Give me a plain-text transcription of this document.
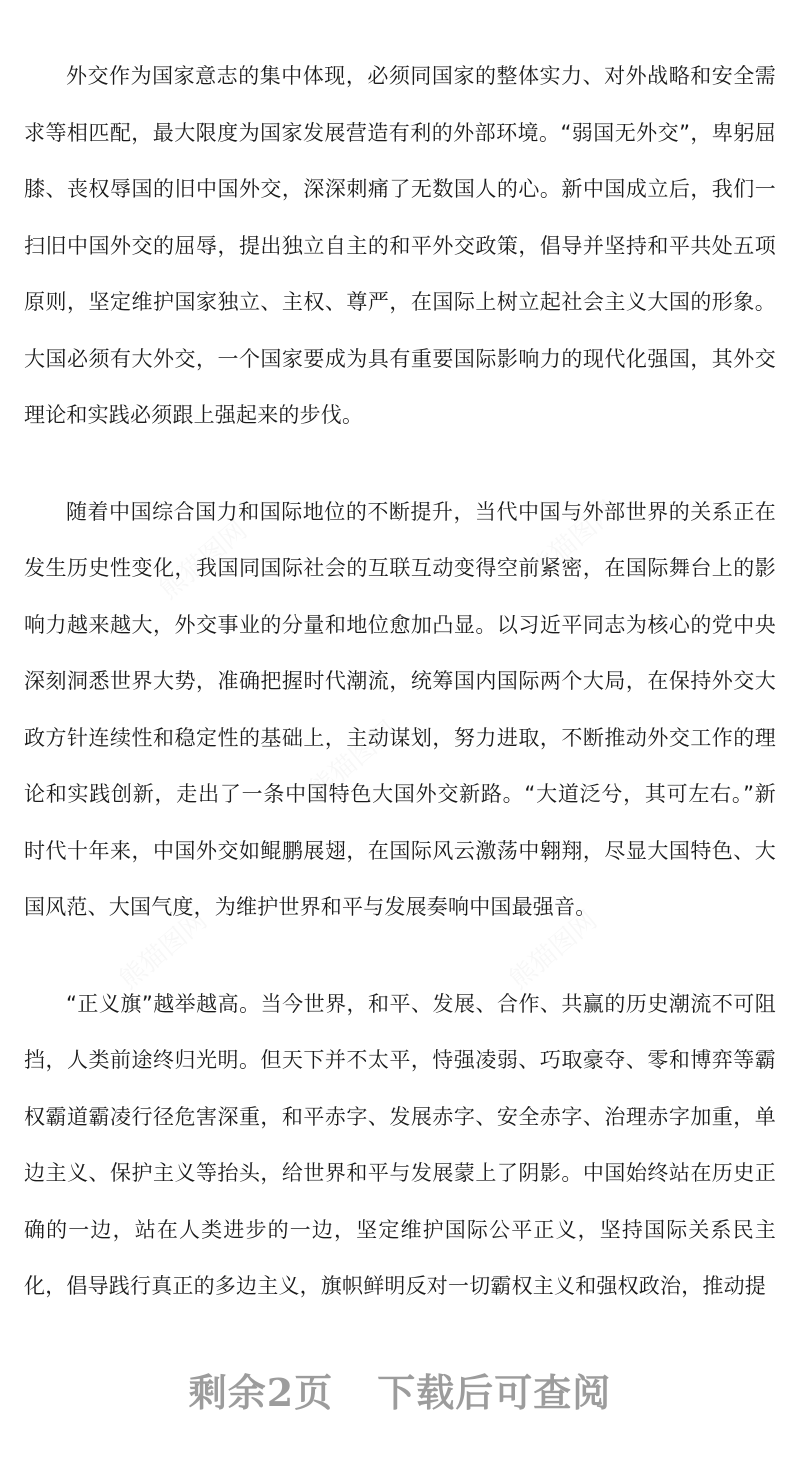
熊猫图网	熊猫图网
熊猫图网
熊猫图网	熊猫图网

外交作为国家意志的集中体现，必须同国家的整体实力、对外战略和安全需求等相匹配，最大限度为国家发展营造有利的外部环境。“弱国无外交”，卑躬屈膝、丧权辱国的旧中国外交，深深刺痛了无数国人的心。新中国成立后，我们一扫旧中国外交的屈辱，提出独立自主的和平外交政策，倡导并坚持和平共处五项原则，坚定维护国家独立、主权、尊严，在国际上树立起社会主义大国的形象。大国必须有大外交，一个国家要成为具有重要国际影响力的现代化强国，其外交理论和实践必须跟上强起来的步伐。

随着中国综合国力和国际地位的不断提升，当代中国与外部世界的关系正在发生历史性变化，我国同国际社会的互联互动变得空前紧密，在国际舞台上的影响力越来越大，外交事业的分量和地位愈加凸显。以习近平同志为核心的党中央深刻洞悉世界大势，准确把握时代潮流，统筹国内国际两个大局，在保持外交大政方针连续性和稳定性的基础上，主动谋划，努力进取，不断推动外交工作的理论和实践创新，走出了一条中国特色大国外交新路。“大道泛兮，其可左右。”新时代十年来，中国外交如鲲鹏展翅，在国际风云激荡中翱翔，尽显大国特色、大国风范、大国气度，为维护世界和平与发展奏响中国最强音。

“正义旗”越举越高。当今世界，和平、发展、合作、共赢的历史潮流不可阻挡，人类前途终归光明。但天下并不太平，恃强凌弱、巧取豪夺、零和博弈等霸权霸道霸凌行径危害深重，和平赤字、发展赤字、安全赤字、治理赤字加重，单边主义、保护主义等抬头，给世界和平与发展蒙上了阴影。中国始终站在历史正确的一边，站在人类进步的一边，坚定维护国际公平正义，坚持国际关系民主化，倡导践行真正的多边主义，旗帜鲜明反对一切霸权主义和强权政治，推动提

剩余2页 下载后可查阅
